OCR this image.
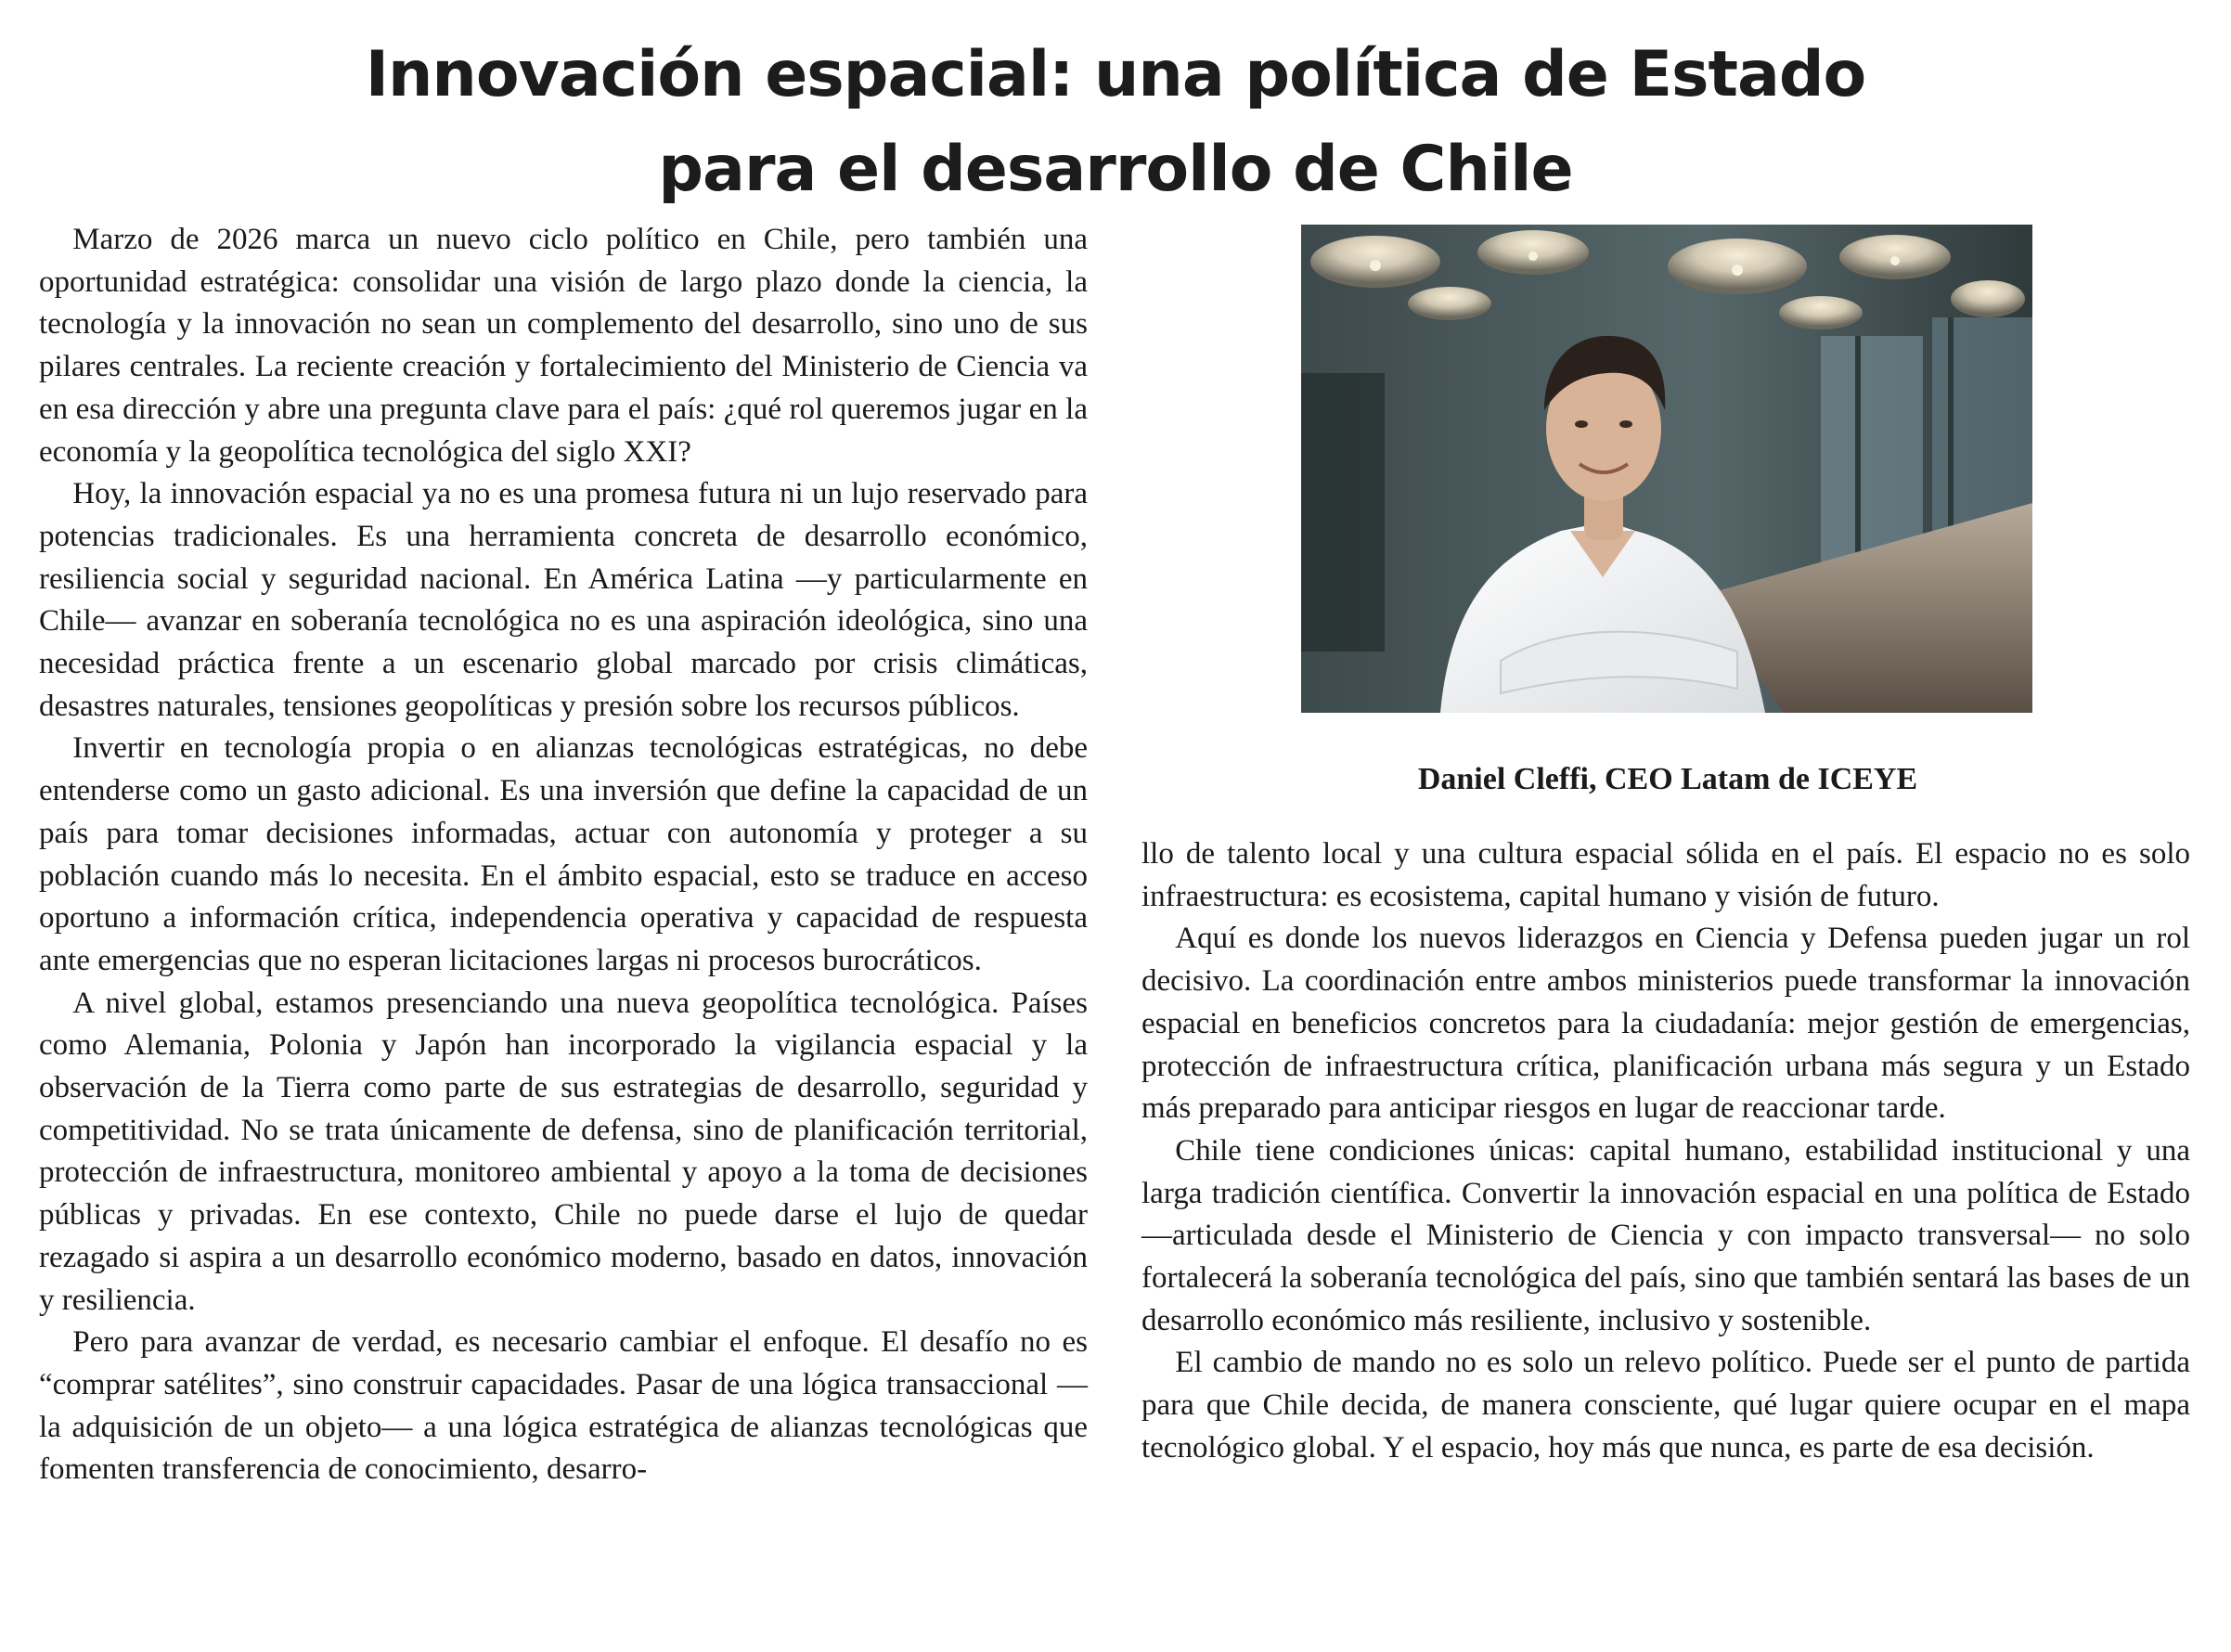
Innovación espacial: una política de Estado
para el desarrollo de Chile

Marzo de 2026 marca un nuevo ciclo político en Chile, pero también una oportunidad estratégica: consolidar una visión de largo plazo donde la ciencia, la tecnología y la innovación no sean un complemento del desarrollo, sino uno de sus pilares centrales. La reciente creación y fortalecimiento del Ministerio de Ciencia va en esa dirección y abre una pregunta clave para el país: ¿qué rol queremos jugar en la economía y la geopolítica tecnológica del siglo XXI?

Hoy, la innovación espacial ya no es una promesa futura ni un lujo reservado para potencias tradicionales. Es una herramienta concreta de desarrollo económico, resiliencia social y seguridad nacional. En América Latina —y particularmente en Chile— avanzar en soberanía tecnológica no es una aspiración ideológica, sino una necesidad práctica frente a un escenario global marcado por crisis climáticas, desastres naturales, tensiones geopolíticas y presión sobre los recursos públicos.

Invertir en tecnología propia o en alianzas tecnológicas estratégicas, no debe entenderse como un gasto adicional. Es una inversión que define la capacidad de un país para tomar decisiones informadas, actuar con autonomía y proteger a su población cuando más lo necesita. En el ámbito espacial, esto se traduce en acceso oportuno a información crítica, independencia operativa y capacidad de respuesta ante emergencias que no esperan licitaciones largas ni procesos burocráticos.

A nivel global, estamos presenciando una nueva geopolítica tecnológica. Países como Alemania, Polonia y Japón han incorporado la vigilancia espacial y la observación de la Tierra como parte de sus estrategias de desarrollo, seguridad y competitividad. No se trata únicamente de defensa, sino de planificación territorial, protección de infraestructura, monitoreo ambiental y apoyo a la toma de decisiones públicas y privadas. En ese contexto, Chile no puede darse el lujo de quedar rezagado si aspira a un desarrollo económico moderno, basado en datos, innovación y resiliencia.

Pero para avanzar de verdad, es necesario cambiar el enfoque. El desafío no es “comprar satélites”, sino construir capacidades. Pasar de una lógica transaccional —la adquisición de un objeto— a una lógica estratégica de alianzas tecnológicas que fomenten transferencia de conocimiento, desarro-

Daniel Cleffi, CEO Latam de ICEYE

llo de talento local y una cultura espacial sólida en el país. El espacio no es solo infraestructura: es ecosistema, capital humano y visión de futuro.

Aquí es donde los nuevos liderazgos en Ciencia y Defensa pueden jugar un rol decisivo. La coordinación entre ambos ministerios puede transformar la innovación espacial en beneficios concretos para la ciudadanía: mejor gestión de emergencias, protección de infraestructura crítica, planificación urbana más segura y un Estado más preparado para anticipar riesgos en lugar de reaccionar tarde.

Chile tiene condiciones únicas: capital humano, estabilidad institucional y una larga tradición científica. Convertir la innovación espacial en una política de Estado —articulada desde el Ministerio de Ciencia y con impacto transversal— no solo fortalecerá la soberanía tecnológica del país, sino que también sentará las bases de un desarrollo económico más resiliente, inclusivo y sostenible.

El cambio de mando no es solo un relevo político. Puede ser el punto de partida para que Chile decida, de manera consciente, qué lugar quiere ocupar en el mapa tecnológico global. Y el espacio, hoy más que nunca, es parte de esa decisión.
